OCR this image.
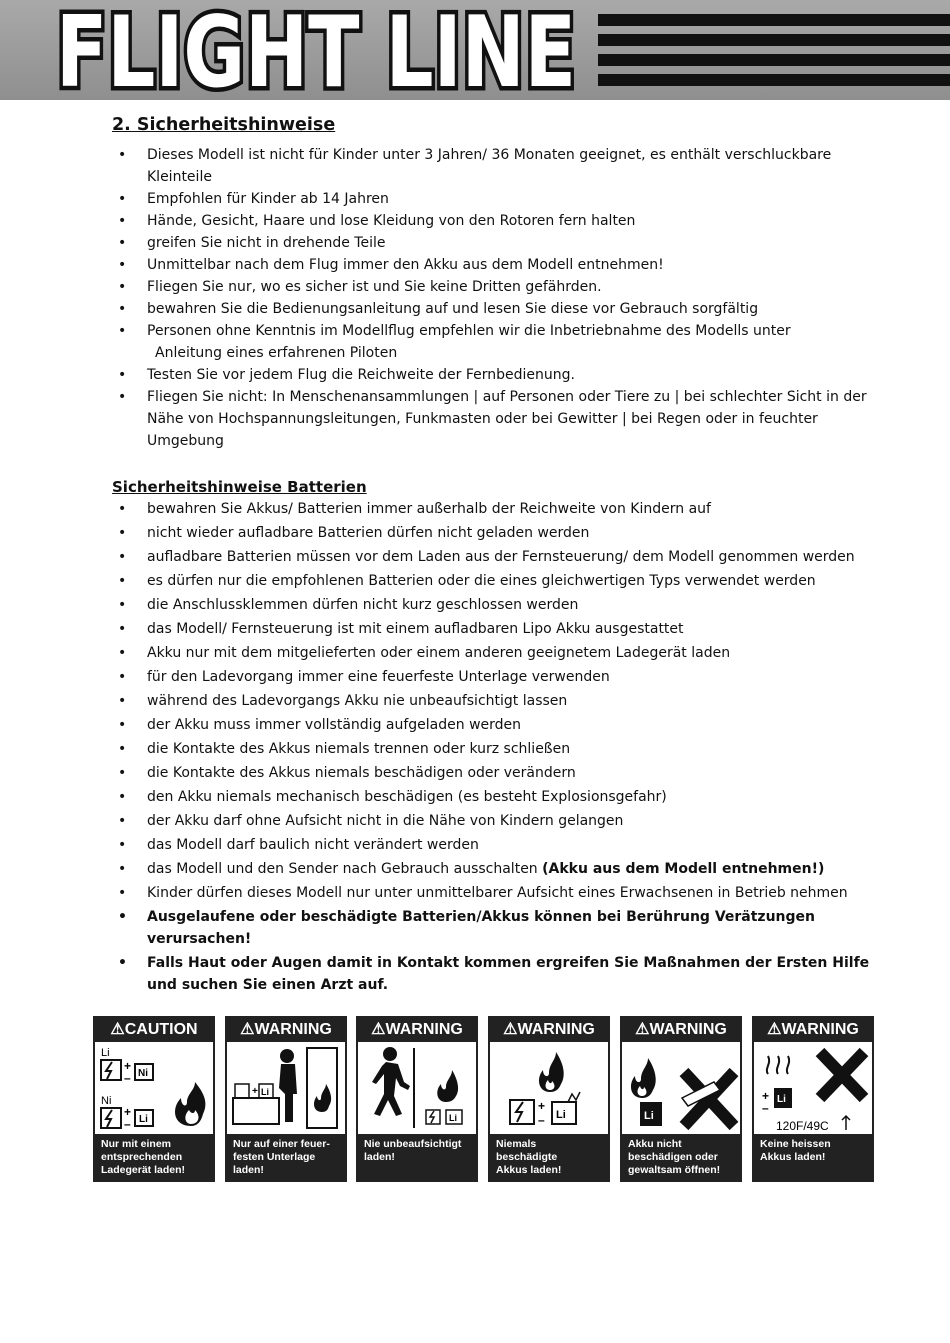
FLIGHT LINE
2. Sicherheitshinweise
• Dieses Modell ist nicht für Kinder unter 3 Jahren/ 36 Monaten geeignet, es enthält verschluckbare Kleinteile
• Empfohlen für Kinder ab 14 Jahren
• Hände, Gesicht, Haare und lose Kleidung von den Rotoren fern halten
• greifen Sie nicht in drehende Teile
• Unmittelbar nach dem Flug immer den Akku aus dem Modell entnehmen!
• Fliegen Sie nur, wo es sicher ist und Sie keine Dritten gefährden.
• bewahren Sie die Bedienungsanleitung auf und lesen Sie diese vor Gebrauch sorgfältig
• Personen ohne Kenntnis im Modellflug empfehlen wir die Inbetriebnahme des Modells unter
Anleitung eines erfahrenen Piloten
• Testen Sie vor jedem Flug die Reichweite der Fernbedienung.
• Fliegen Sie nicht: In Menschenansammlungen | auf Personen oder Tiere zu | bei schlechter Sicht in der Nähe von Hochspannungsleitungen, Funkmasten oder bei Gewitter | bei Regen oder in feuchter Umgebung
Sicherheitshinweise Batterien
• bewahren Sie Akkus/ Batterien immer außerhalb der Reichweite von Kindern auf
• nicht wieder aufladbare Batterien dürfen nicht geladen werden
• aufladbare Batterien müssen vor dem Laden aus der Fernsteuerung/ dem Modell genommen werden
• es dürfen nur die empfohlenen Batterien oder die eines gleichwertigen Typs verwendet werden
• die Anschlussklemmen dürfen nicht kurz geschlossen werden
• das Modell/ Fernsteuerung ist mit einem aufladbaren Lipo Akku ausgestattet
• Akku nur mit dem mitgelieferten oder einem anderen geeignetem Ladegerät laden
• für den Ladevorgang immer eine feuerfeste Unterlage verwenden
• während des Ladevorgangs Akku nie unbeaufsichtigt lassen
• der Akku muss immer vollständig aufgeladen werden
• die Kontakte des Akkus niemals trennen oder kurz schließen
• die Kontakte des Akkus niemals beschädigen oder verändern
• den Akku niemals mechanisch beschädigen (es besteht Explosionsgefahr)
• der Akku darf ohne Aufsicht nicht in die Nähe von Kindern gelangen
• das Modell darf baulich nicht verändert werden
• das Modell und den Sender nach Gebrauch ausschalten (Akku aus dem Modell entnehmen!)
• Kinder dürfen dieses Modell nur unter unmittelbarer Aufsicht eines Erwachsenen in Betrieb nehmen
• Ausgelaufene oder beschädigte Batterien/Akkus können bei Berührung Verätzungen verursachen!
• Falls Haut oder Augen damit in Kontakt kommen ergreifen Sie Maßnahmen der Ersten Hilfe und suchen Sie einen Arzt auf.
⚠CAUTION
Li
+
– Ni
Ni
+
– Li
Nur mit einem
entsprechenden
Ladegerät laden!
⚠WARNING
+ Li
Nur auf einer feuer-
festen Unterlage
laden!
⚠WARNING
Li
Nie unbeaufsichtigt
laden!
⚠WARNING
+
– Li
Niemals
beschädigte
Akkus laden!
⚠WARNING
Li
Akku nicht
beschädigen oder
gewaltsam öffnen!
⚠WARNING
+
–
Li
120F/49C
Keine heissen
Akkus laden!
